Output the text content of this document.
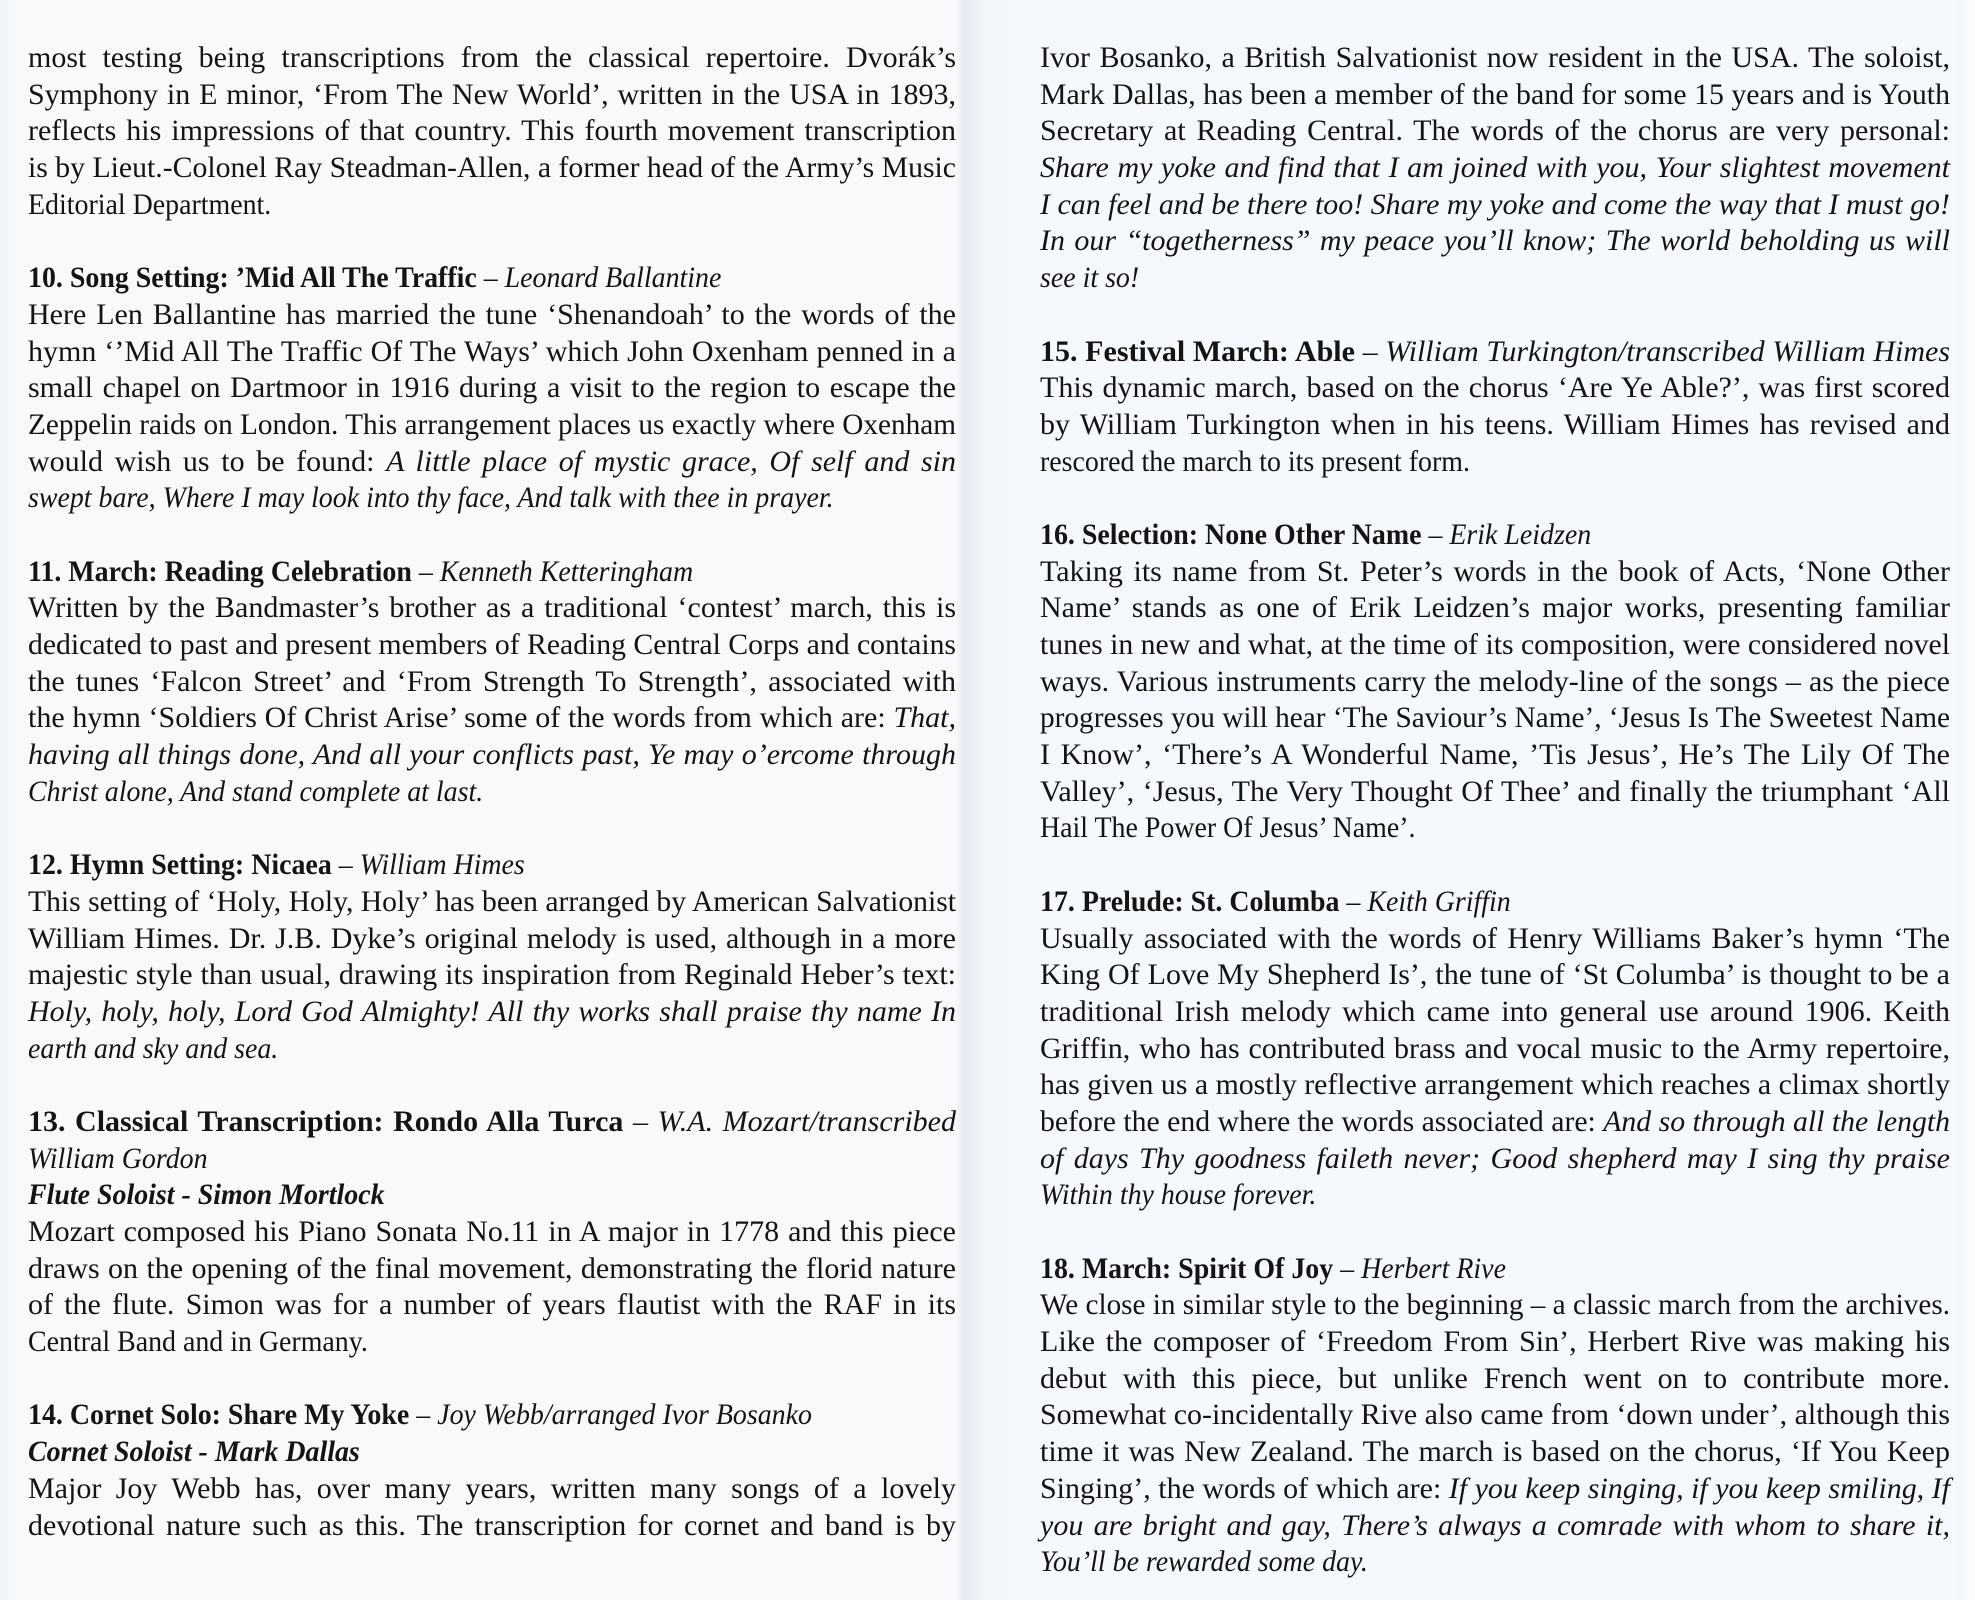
most testing being transcriptions from the classical repertoire. Dvorák’s
Symphony in E minor, ‘From The New World’, written in the USA in 1893,
reflects his impressions of that country. This fourth movement transcription
is by Lieut.-Colonel Ray Steadman-Allen, a former head of the Army’s Music
Editorial Department.
10. Song Setting: ’Mid All The Traffic – Leonard Ballantine
Here Len Ballantine has married the tune ‘Shenandoah’ to the words of the
hymn ‘’Mid All The Traffic Of The Ways’ which John Oxenham penned in a
small chapel on Dartmoor in 1916 during a visit to the region to escape the
Zeppelin raids on London. This arrangement places us exactly where Oxenham
would wish us to be found: A little place of mystic grace, Of self and sin
swept bare, Where I may look into thy face, And talk with thee in prayer.
11. March: Reading Celebration – Kenneth Ketteringham
Written by the Bandmaster’s brother as a traditional ‘contest’ march, this is
dedicated to past and present members of Reading Central Corps and contains
the tunes ‘Falcon Street’ and ‘From Strength To Strength’, associated with
the hymn ‘Soldiers Of Christ Arise’ some of the words from which are: That,
having all things done, And all your conflicts past, Ye may o’ercome through
Christ alone, And stand complete at last.
12. Hymn Setting: Nicaea – William Himes
This setting of ‘Holy, Holy, Holy’ has been arranged by American Salvationist
William Himes. Dr. J.B. Dyke’s original melody is used, although in a more
majestic style than usual, drawing its inspiration from Reginald Heber’s text:
Holy, holy, holy, Lord God Almighty! All thy works shall praise thy name In
earth and sky and sea.
13. Classical Transcription: Rondo Alla Turca – W.A. Mozart/transcribed
William Gordon
Flute Soloist - Simon Mortlock
Mozart composed his Piano Sonata No.11 in A major in 1778 and this piece
draws on the opening of the final movement, demonstrating the florid nature
of the flute. Simon was for a number of years flautist with the RAF in its
Central Band and in Germany.
14. Cornet Solo: Share My Yoke – Joy Webb/arranged Ivor Bosanko
Cornet Soloist - Mark Dallas
Major Joy Webb has, over many years, written many songs of a lovely
devotional nature such as this. The transcription for cornet and band is by
Ivor Bosanko, a British Salvationist now resident in the USA. The soloist,
Mark Dallas, has been a member of the band for some 15 years and is Youth
Secretary at Reading Central. The words of the chorus are very personal:
Share my yoke and find that I am joined with you, Your slightest movement
I can feel and be there too! Share my yoke and come the way that I must go!
In our “togetherness” my peace you’ll know; The world beholding us will
see it so!
15. Festival March: Able – William Turkington/transcribed William Himes
This dynamic march, based on the chorus ‘Are Ye Able?’, was first scored
by William Turkington when in his teens. William Himes has revised and
rescored the march to its present form.
16. Selection: None Other Name – Erik Leidzen
Taking its name from St. Peter’s words in the book of Acts, ‘None Other
Name’ stands as one of Erik Leidzen’s major works, presenting familiar
tunes in new and what, at the time of its composition, were considered novel
ways. Various instruments carry the melody-line of the songs – as the piece
progresses you will hear ‘The Saviour’s Name’, ‘Jesus Is The Sweetest Name
I Know’, ‘There’s A Wonderful Name, ’Tis Jesus’, He’s The Lily Of The
Valley’, ‘Jesus, The Very Thought Of Thee’ and finally the triumphant ‘All
Hail The Power Of Jesus’ Name’.
17. Prelude: St. Columba – Keith Griffin
Usually associated with the words of Henry Williams Baker’s hymn ‘The
King Of Love My Shepherd Is’, the tune of ‘St Columba’ is thought to be a
traditional Irish melody which came into general use around 1906. Keith
Griffin, who has contributed brass and vocal music to the Army repertoire,
has given us a mostly reflective arrangement which reaches a climax shortly
before the end where the words associated are: And so through all the length
of days Thy goodness faileth never; Good shepherd may I sing thy praise
Within thy house forever.
18. March: Spirit Of Joy – Herbert Rive
We close in similar style to the beginning – a classic march from the archives.
Like the composer of ‘Freedom From Sin’, Herbert Rive was making his
debut with this piece, but unlike French went on to contribute more.
Somewhat co-incidentally Rive also came from ‘down under’, although this
time it was New Zealand. The march is based on the chorus, ‘If You Keep
Singing’, the words of which are: If you keep singing, if you keep smiling, If
you are bright and gay, There’s always a comrade with whom to share it,
You’ll be rewarded some day.
